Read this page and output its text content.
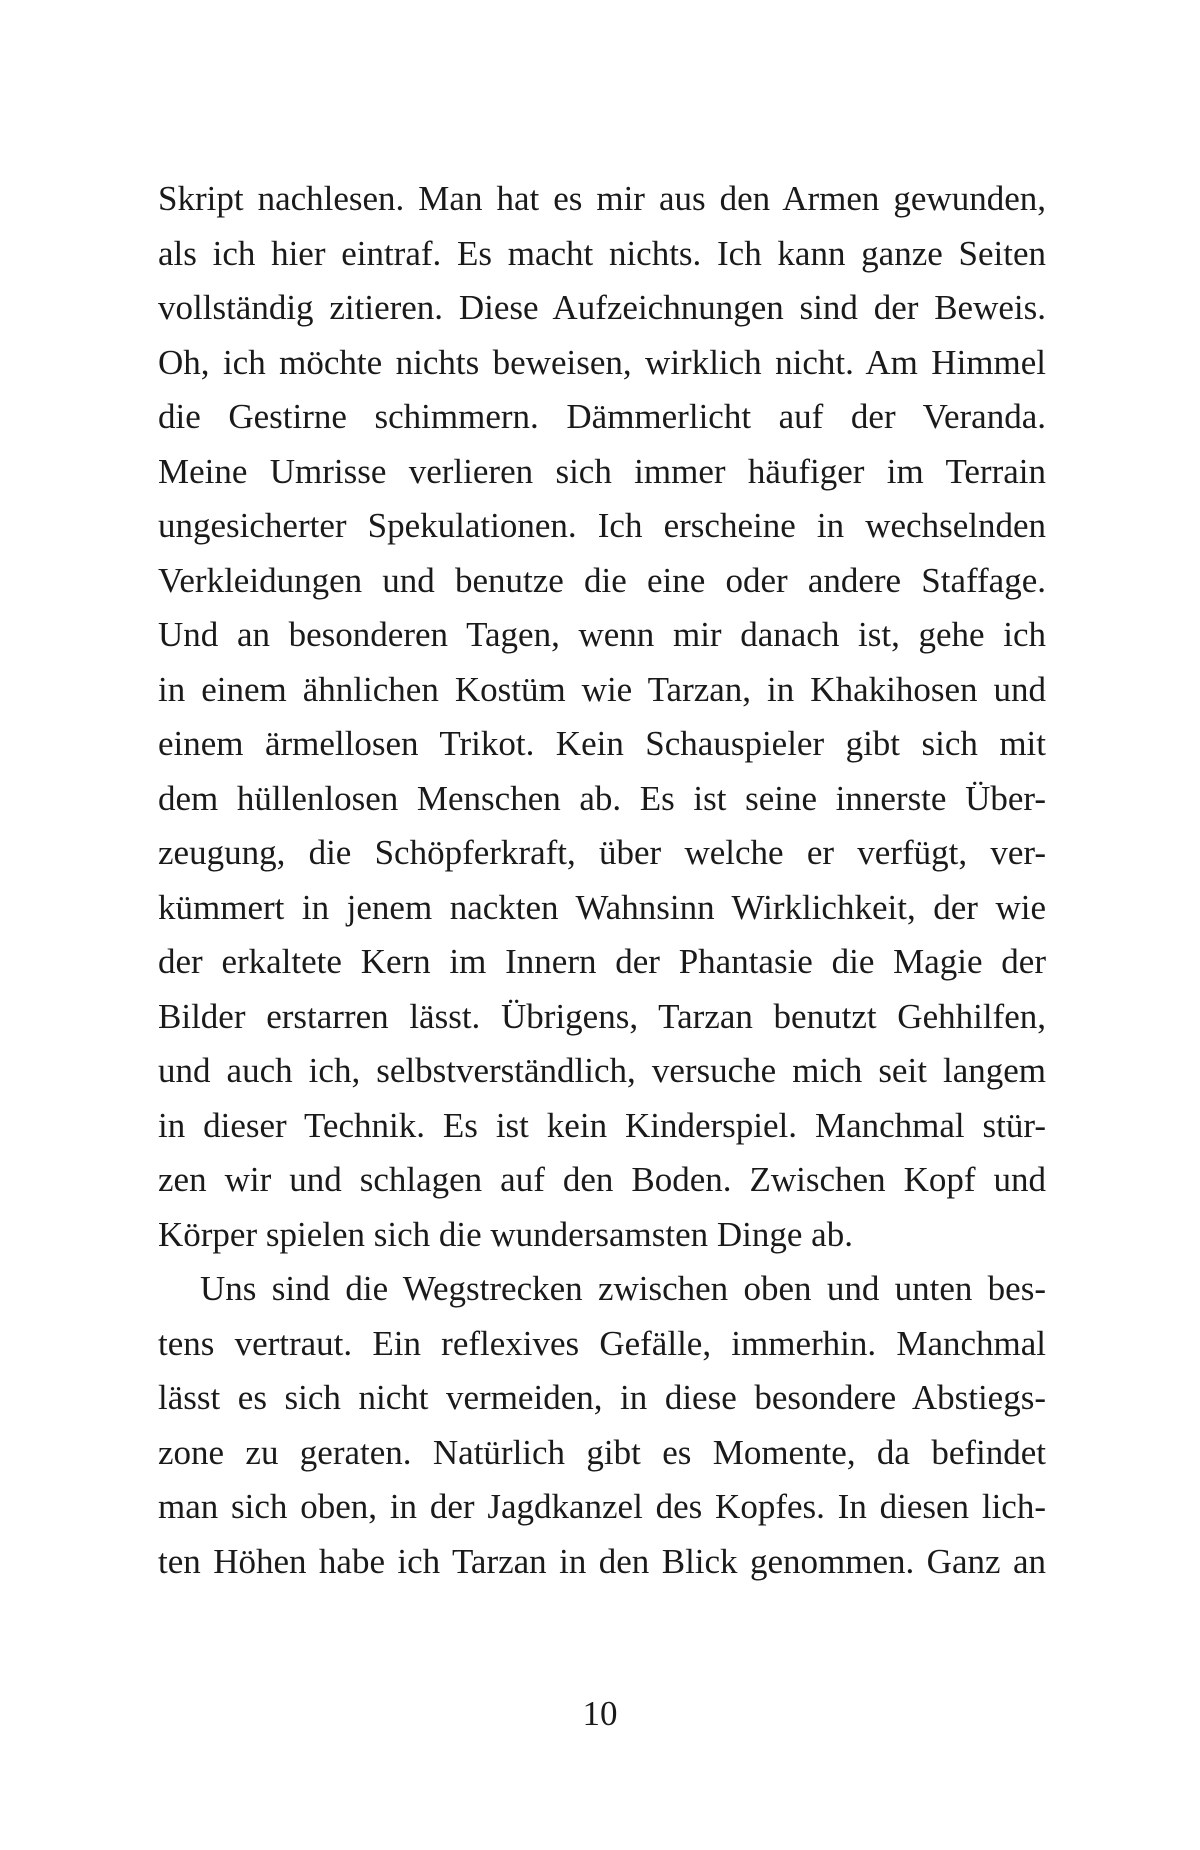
Skript nachlesen. Man hat es mir aus den Armen gewunden,
als ich hier eintraf. Es macht nichts. Ich kann ganze Seiten
vollständig zitieren. Diese Aufzeichnungen sind der Beweis.
Oh, ich möchte nichts beweisen, wirklich nicht. Am Himmel
die Gestirne schimmern. Dämmerlicht auf der Veranda.
Meine Umrisse verlieren sich immer häufiger im Terrain
ungesicherter Spekulationen. Ich erscheine in wechselnden
Verkleidungen und benutze die eine oder andere Staffage.
Und an besonderen Tagen, wenn mir danach ist, gehe ich
in einem ähnlichen Kostüm wie Tarzan, in Khakihosen und
einem ärmellosen Trikot. Kein Schauspieler gibt sich mit
dem hüllenlosen Menschen ab. Es ist seine innerste Über-
zeugung, die Schöpferkraft, über welche er verfügt, ver-
kümmert in jenem nackten Wahnsinn Wirklichkeit, der wie
der erkaltete Kern im Innern der Phantasie die Magie der
Bilder erstarren lässt. Übrigens, Tarzan benutzt Gehhilfen,
und auch ich, selbstverständlich, versuche mich seit langem
in dieser Technik. Es ist kein Kinderspiel. Manchmal stür-
zen wir und schlagen auf den Boden. Zwischen Kopf und
Körper spielen sich die wundersamsten Dinge ab.
Uns sind die Wegstrecken zwischen oben und unten bes-
tens vertraut. Ein reflexives Gefälle, immerhin. Manchmal
lässt es sich nicht vermeiden, in diese besondere Abstiegs-
zone zu geraten. Natürlich gibt es Momente, da befindet
man sich oben, in der Jagdkanzel des Kopfes. In diesen lich-
ten Höhen habe ich Tarzan in den Blick genommen. Ganz an
10
